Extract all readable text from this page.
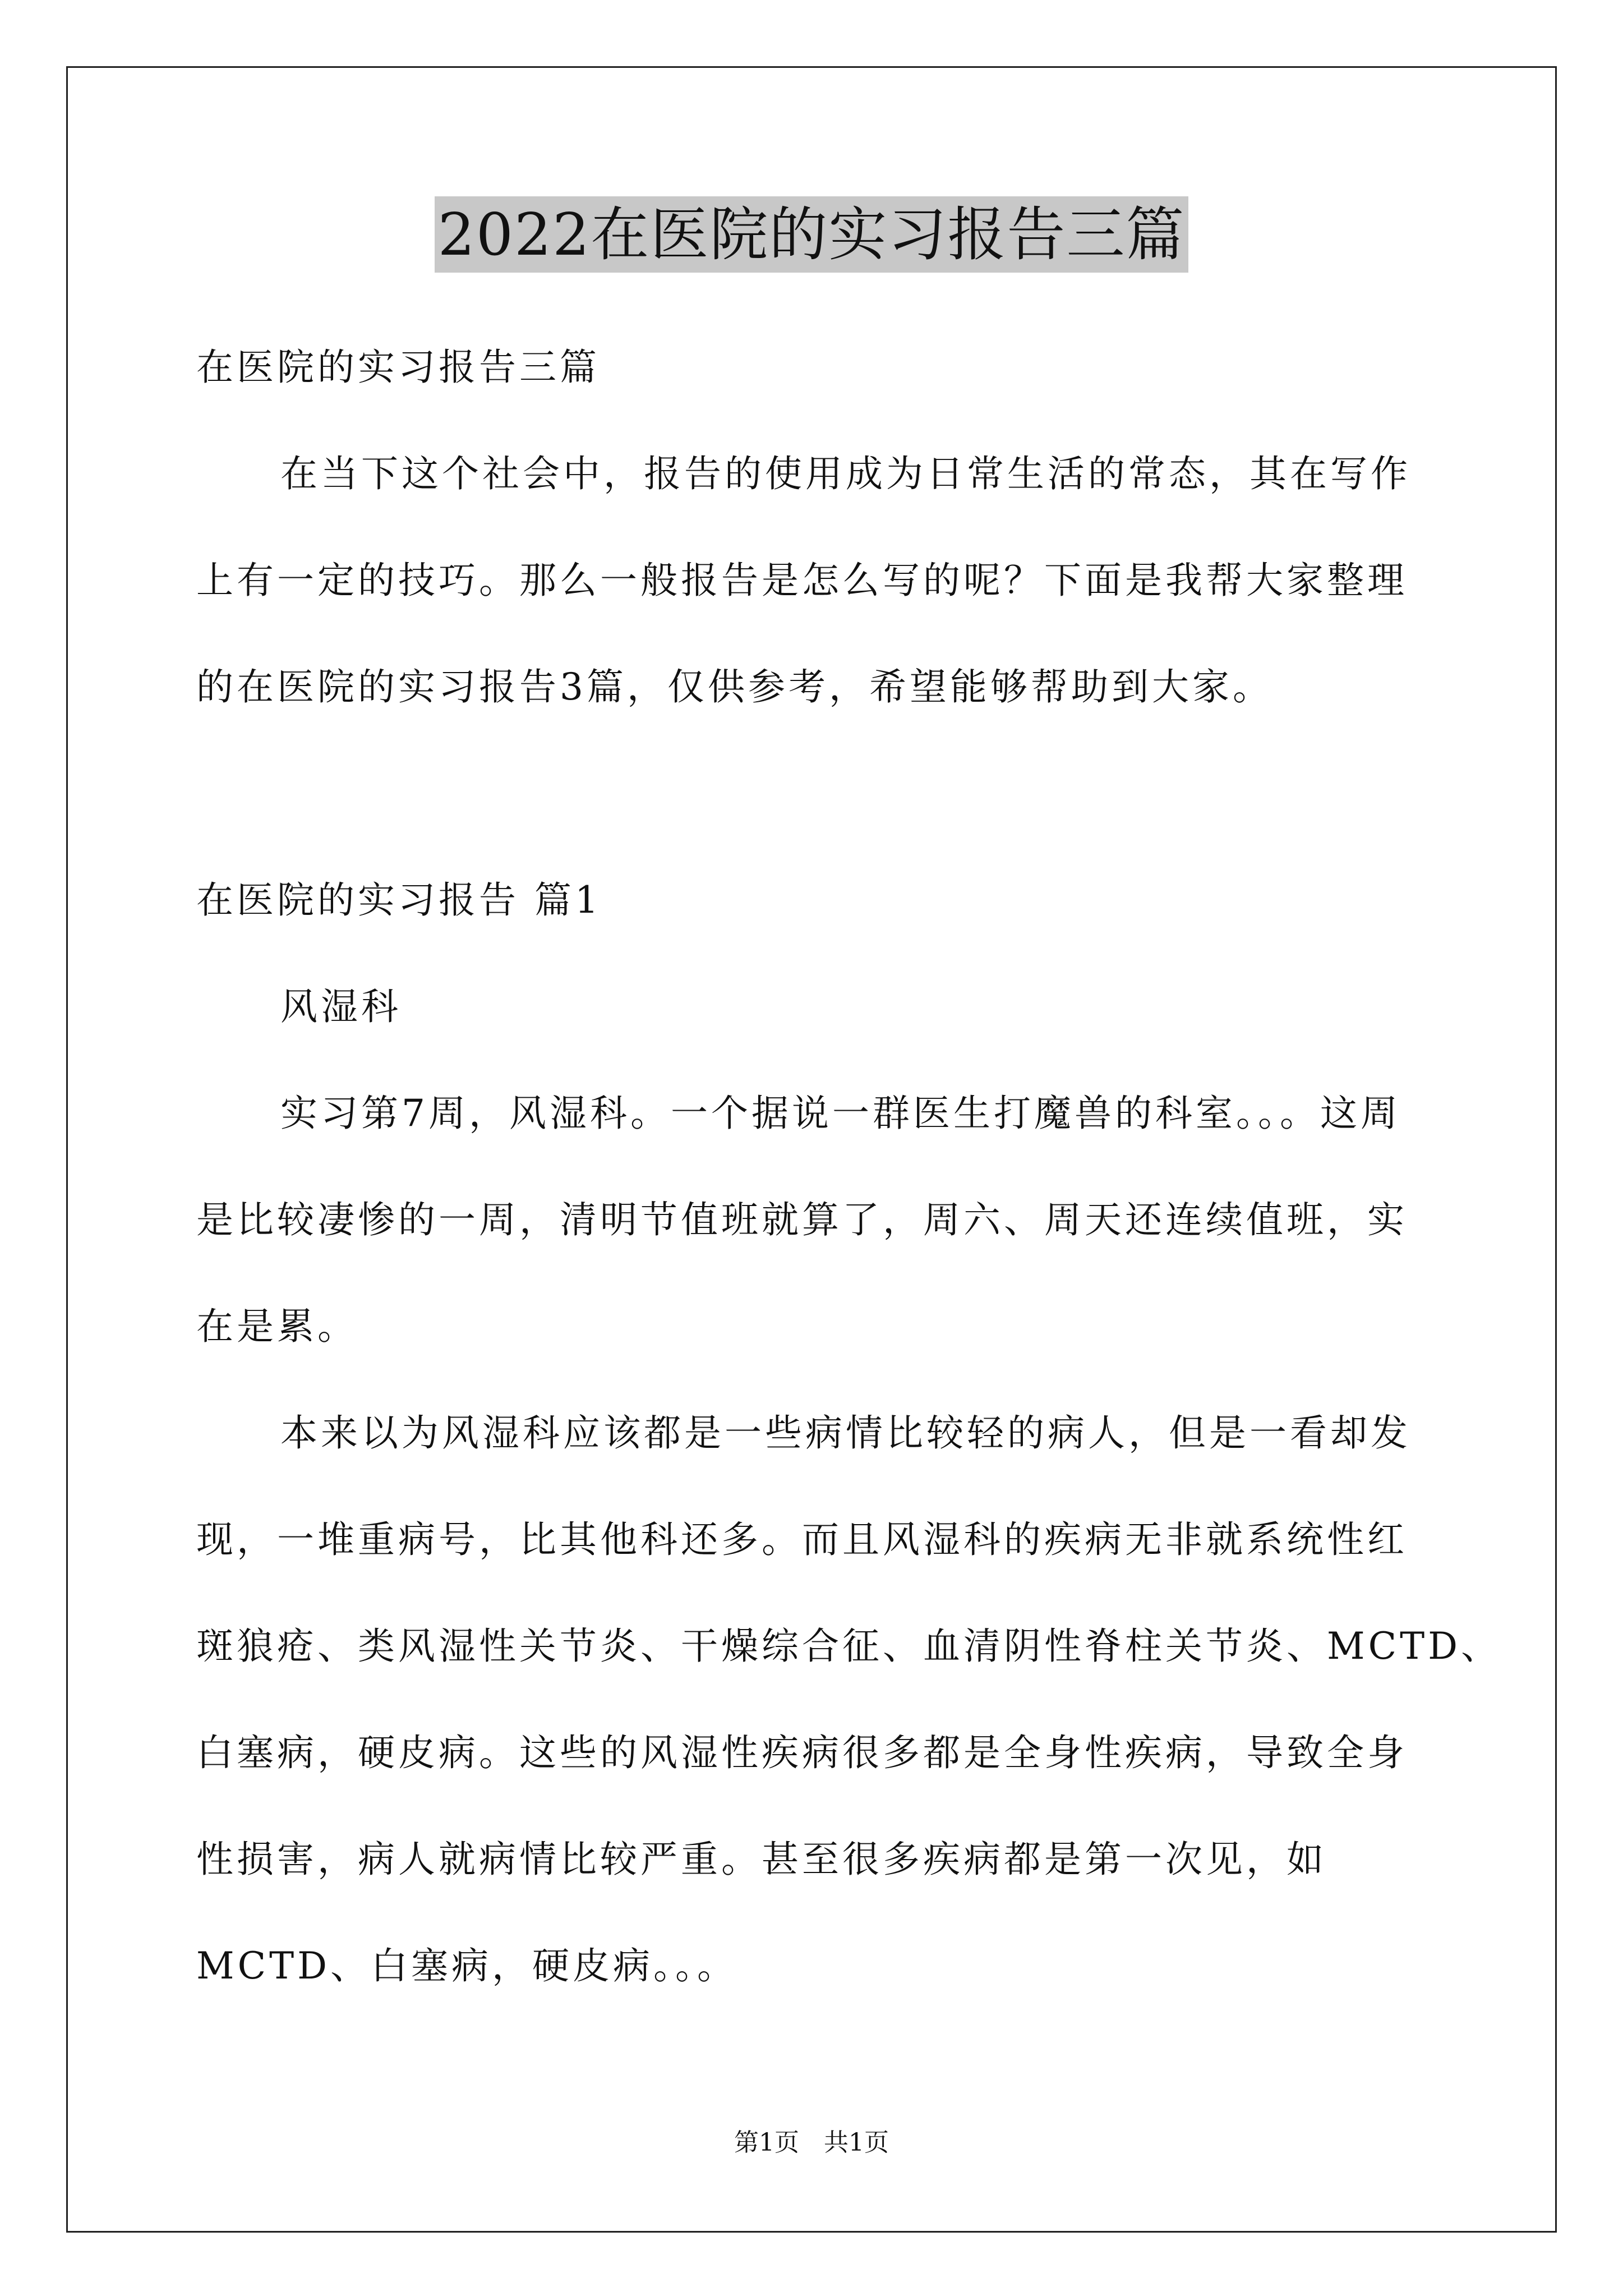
2022在医院的实习报告三篇
在医院的实习报告三篇
在当下这个社会中，报告的使用成为日常生活的常态，其在写作
上有一定的技巧。那么一般报告是怎么写的呢？下面是我帮大家整理
的在医院的实习报告3篇，仅供参考，希望能够帮助到大家。
在医院的实习报告 篇1
风湿科
实习第7周，风湿科。一个据说一群医生打魔兽的科室。。。这周
是比较凄惨的一周，清明节值班就算了，周六、周天还连续值班，实
在是累。
本来以为风湿科应该都是一些病情比较轻的病人，但是一看却发
现，一堆重病号，比其他科还多。而且风湿科的疾病无非就系统性红
斑狼疮、类风湿性关节炎、干燥综合征、血清阴性脊柱关节炎、MCTD、
白塞病，硬皮病。这些的风湿性疾病很多都是全身性疾病，导致全身
性损害，病人就病情比较严重。甚至很多疾病都是第一次见，如
MCTD、白塞病，硬皮病。。。
第1页　共1页
